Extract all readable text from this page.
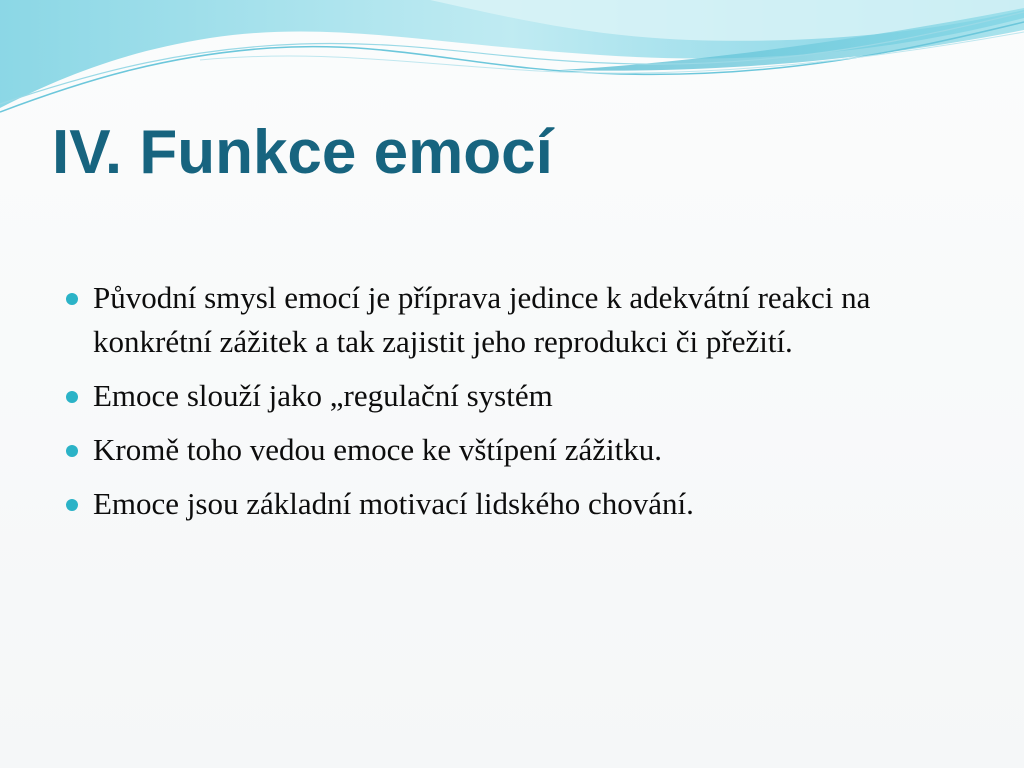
IV. Funkce emocí
Původní smysl emocí je příprava jedince k adekvátní reakci na konkrétní zážitek a tak zajistit jeho reprodukci či přežití.
Emoce slouží jako „regulační systém
Kromě toho vedou emoce ke vštípení zážitku.
Emoce jsou základní motivací lidského chování.
